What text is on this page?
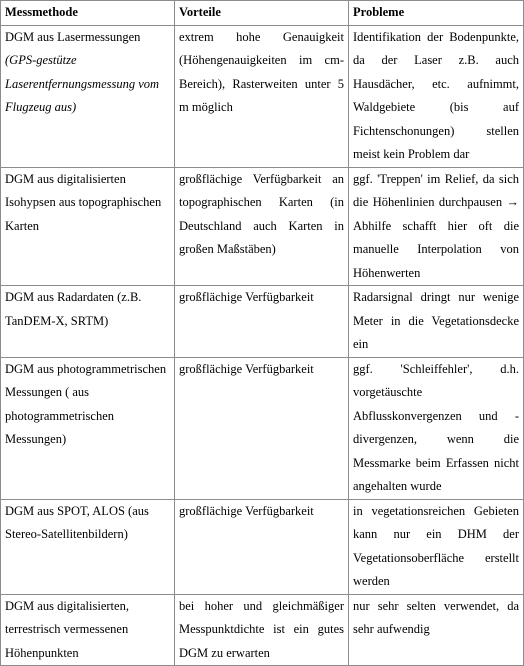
Messmethode	Vorteile	Probleme

DGM aus Lasermessungen (GPS-gestütze Laserentfernungsmessung vom Flugzeug aus)	extrem hohe Genauigkeit (Höhengenauigkeiten im cm-Bereich), Rasterweiten unter 5 m möglich	Identifikation der Bodenpunkte, da der Laser z.B. auch Hausdächer, etc. aufnimmt, Waldgebiete (bis auf Fichtenschonungen) stellen meist kein Problem dar

DGM aus digitalisierten Isohypsen aus topographischen Karten	großflächige Verfügbarkeit an topographischen Karten (in Deutschland auch Karten in großen Maßstäben)	ggf. 'Treppen' im Relief, da sich die Höhenlinien durchpausen → Abhilfe schafft hier oft die manuelle Interpolation von Höhenwerten

DGM aus Radardaten (z.B. TanDEM-X, SRTM)	großflächige Verfügbarkeit	Radarsignal dringt nur wenige Meter in die Vegetationsdecke ein

DGM aus photogrammetrischen Messungen ( aus photogrammetrischen Messungen)	großflächige Verfügbarkeit	ggf. 'Schleiffehler', d.h. vorgetäuschte Abflusskonvergenzen und -divergenzen, wenn die Messmarke beim Erfassen nicht angehalten wurde

DGM aus SPOT, ALOS (aus Stereo-Satellitenbildern)	großflächige Verfügbarkeit	in vegetationsreichen Gebieten kann nur ein DHM der Vegetationsoberfläche erstellt werden

DGM aus digitalisierten, terrestrisch vermessenen Höhenpunkten	bei hoher und gleichmäßiger Messpunktdichte ist ein gutes DGM zu erwarten	nur sehr selten verwendet, da sehr aufwendig
